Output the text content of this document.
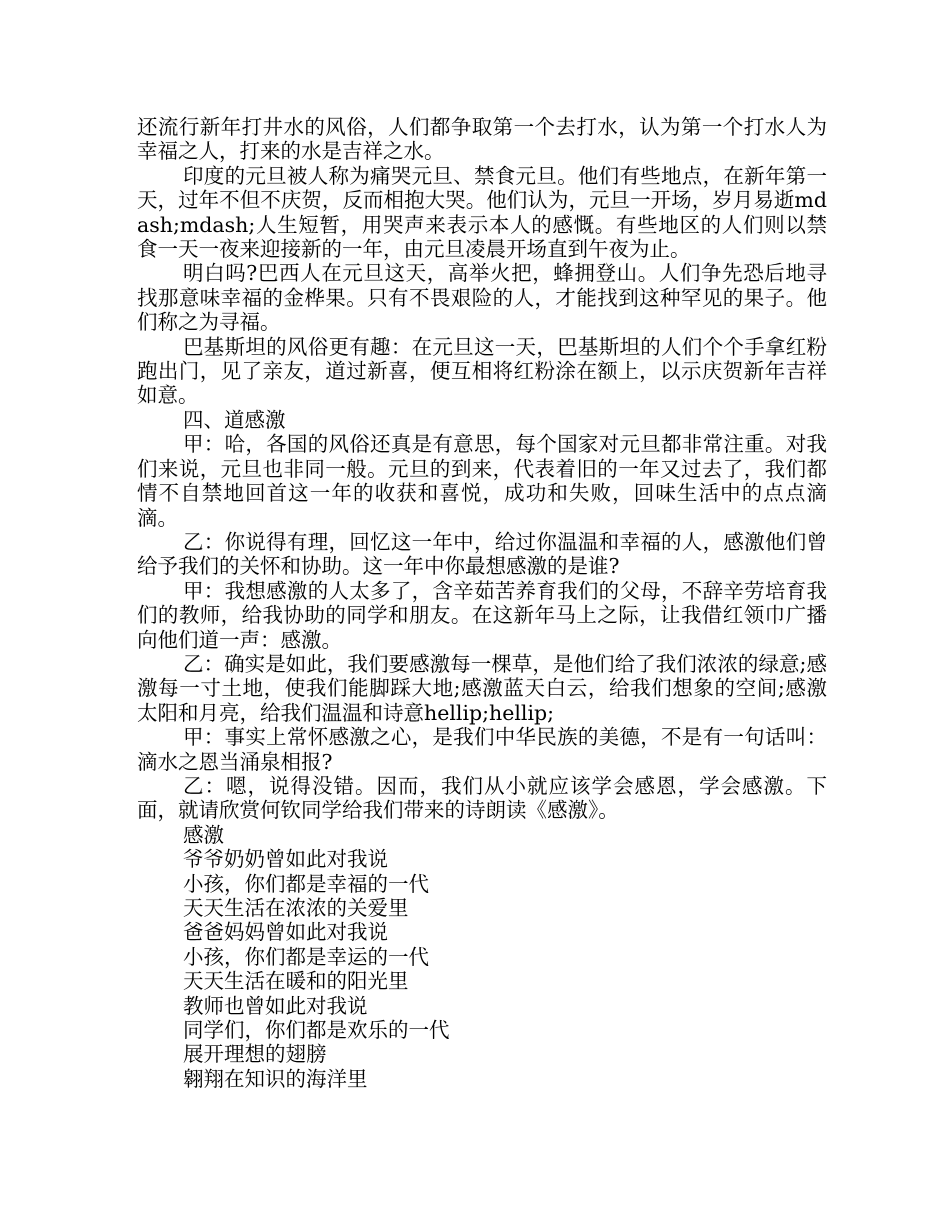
还流行新年打井水的风俗，人们都争取第一个去打水，认为第一个打水人为幸福之人，打来的水是吉祥之水。

印度的元旦被人称为痛哭元旦、禁食元旦。他们有些地点，在新年第一天，过年不但不庆贺，反而相抱大哭。他们认为，元旦一开场，岁月易逝mdash;mdash;人生短暂，用哭声来表示本人的感慨。有些地区的人们则以禁食一天一夜来迎接新的一年，由元旦凌晨开场直到午夜为止。

明白吗?巴西人在元旦这天，高举火把，蜂拥登山。人们争先恐后地寻找那意味幸福的金桦果。只有不畏艰险的人，才能找到这种罕见的果子。他们称之为寻福。

巴基斯坦的风俗更有趣：在元旦这一天，巴基斯坦的人们个个手拿红粉跑出门，见了亲友，道过新喜，便互相将红粉涂在额上，以示庆贺新年吉祥如意。

四、道感激

甲：哈，各国的风俗还真是有意思，每个国家对元旦都非常注重。对我们来说，元旦也非同一般。元旦的到来，代表着旧的一年又过去了，我们都情不自禁地回首这一年的收获和喜悦，成功和失败，回味生活中的点点滴滴。

乙：你说得有理，回忆这一年中，给过你温温和幸福的人，感激他们曾给予我们的关怀和协助。这一年中你最想感激的是谁?

甲：我想感激的人太多了，含辛茹苦养育我们的父母，不辞辛劳培育我们的教师，给我协助的同学和朋友。在这新年马上之际，让我借红领巾广播向他们道一声：感激。

乙：确实是如此，我们要感激每一棵草，是他们给了我们浓浓的绿意;感激每一寸土地，使我们能脚踩大地;感激蓝天白云，给我们想象的空间;感激太阳和月亮，给我们温温和诗意hellip;hellip;

甲：事实上常怀感激之心，是我们中华民族的美德，不是有一句话叫：滴水之恩当涌泉相报?

乙：嗯，说得没错。因而，我们从小就应该学会感恩，学会感激。下面，就请欣赏何钦同学给我们带来的诗朗读《感激》。

感激

爷爷奶奶曾如此对我说

小孩，你们都是幸福的一代

天天生活在浓浓的关爱里

爸爸妈妈曾如此对我说

小孩，你们都是幸运的一代

天天生活在暖和的阳光里

教师也曾如此对我说

同学们，你们都是欢乐的一代

展开理想的翅膀

翱翔在知识的海洋里
